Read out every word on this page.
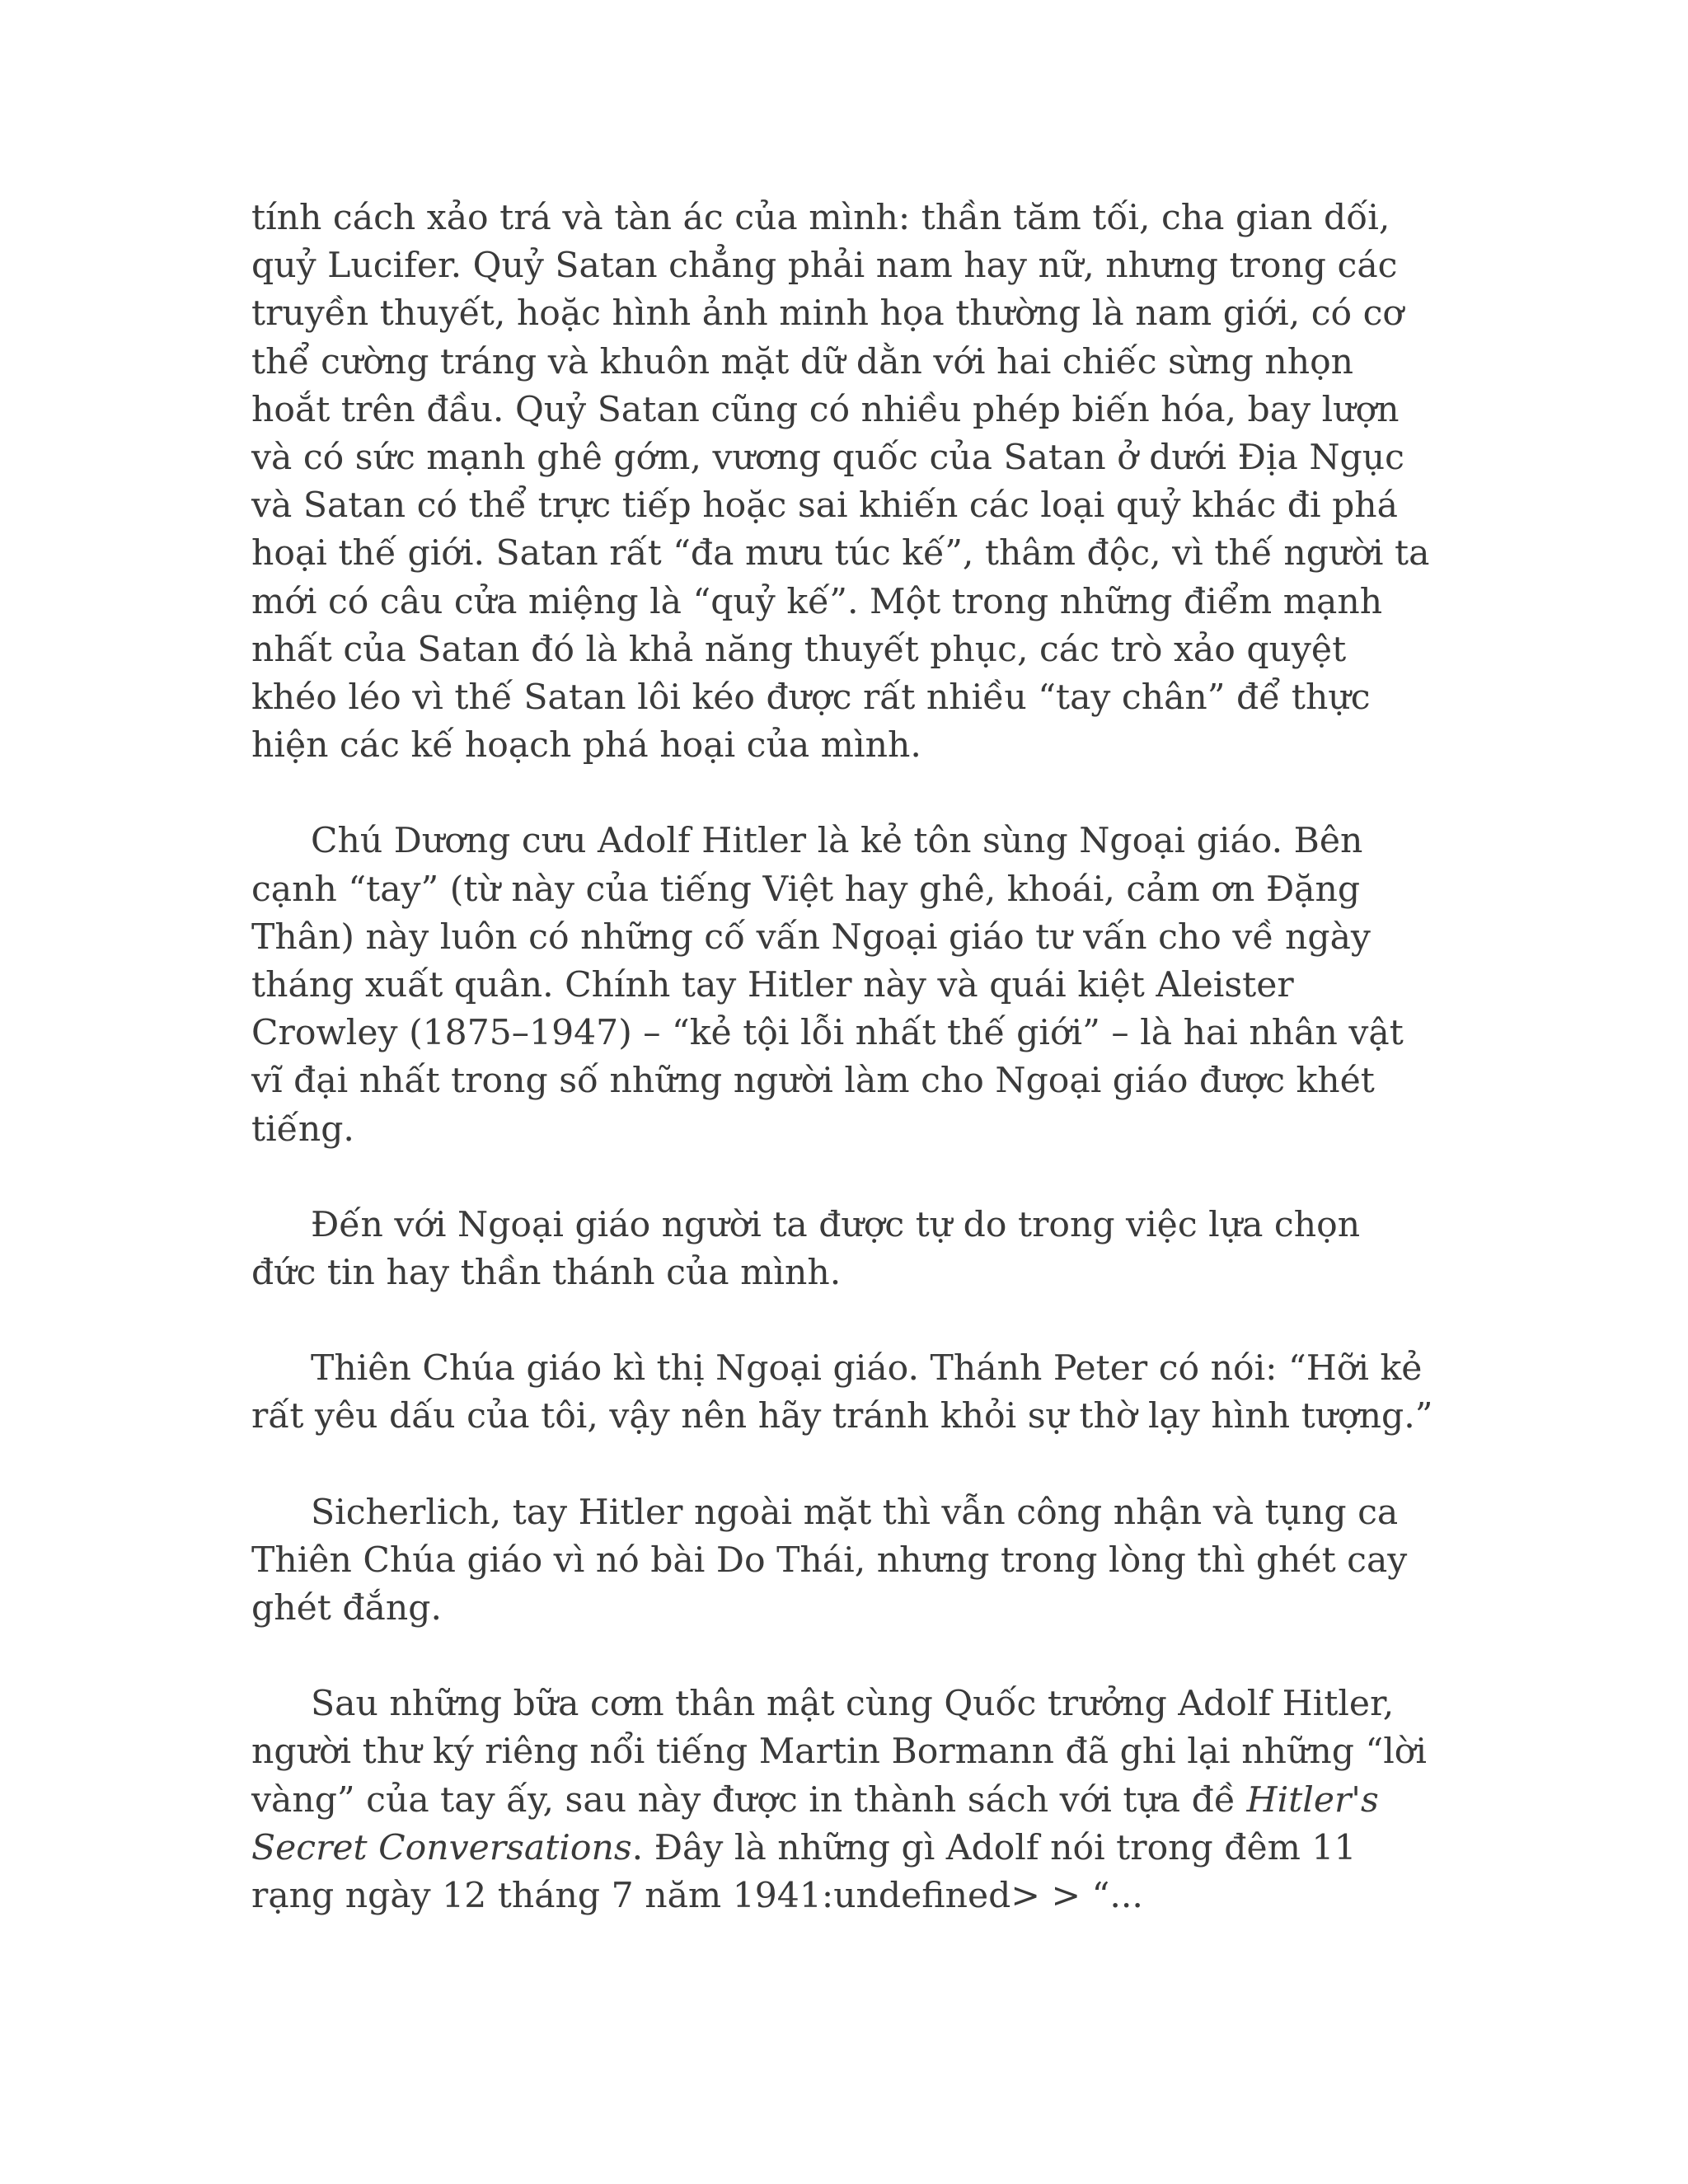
tính cách xảo trá và tàn ác của mình: thần tăm tối, cha gian dối, quỷ Lucifer. Quỷ Satan chẳng phải nam hay nữ, nhưng trong các truyền thuyết, hoặc hình ảnh minh họa thường là nam giới, có cơ thể cường tráng và khuôn mặt dữ dằn với hai chiếc sừng nhọn hoắt trên đầu. Quỷ Satan cũng có nhiều phép biến hóa, bay lượn và có sức mạnh ghê gớm, vương quốc của Satan ở dưới Địa Ngục và Satan có thể trực tiếp hoặc sai khiến các loại quỷ khác đi phá hoại thế giới. Satan rất “đa mưu túc kế”, thâm độc, vì thế người ta mới có câu cửa miệng là “quỷ kế”. Một trong những điểm mạnh nhất của Satan đó là khả năng thuyết phục, các trò xảo quyệt khéo léo vì thế Satan lôi kéo được rất nhiều “tay chân” để thực hiện các kế hoạch phá hoại của mình.

Chú Dương cưu Adolf Hitler là kẻ tôn sùng Ngoại giáo. Bên cạnh “tay” (từ này của tiếng Việt hay ghê, khoái, cảm ơn Đặng Thân) này luôn có những cố vấn Ngoại giáo tư vấn cho về ngày tháng xuất quân. Chính tay Hitler này và quái kiệt Aleister Crowley (1875–1947) – “kẻ tội lỗi nhất thế giới” – là hai nhân vật vĩ đại nhất trong số những người làm cho Ngoại giáo được khét tiếng.

Đến với Ngoại giáo người ta được tự do trong việc lựa chọn đức tin hay thần thánh của mình.

Thiên Chúa giáo kì thị Ngoại giáo. Thánh Peter có nói: “Hỡi kẻ rất yêu dấu của tôi, vậy nên hãy tránh khỏi sự thờ lạy hình tượng.”

Sicherlich, tay Hitler ngoài mặt thì vẫn công nhận và tụng ca Thiên Chúa giáo vì nó bài Do Thái, nhưng trong lòng thì ghét cay ghét đắng.

Sau những bữa cơm thân mật cùng Quốc trưởng Adolf Hitler, người thư ký riêng nổi tiếng Martin Bormann đã ghi lại những “lời vàng” của tay ấy, sau này được in thành sách với tựa đề Hitler's Secret Conversations. Đây là những gì Adolf nói trong đêm 11 rạng ngày 12 tháng 7 năm 1941:undefined> > “...
